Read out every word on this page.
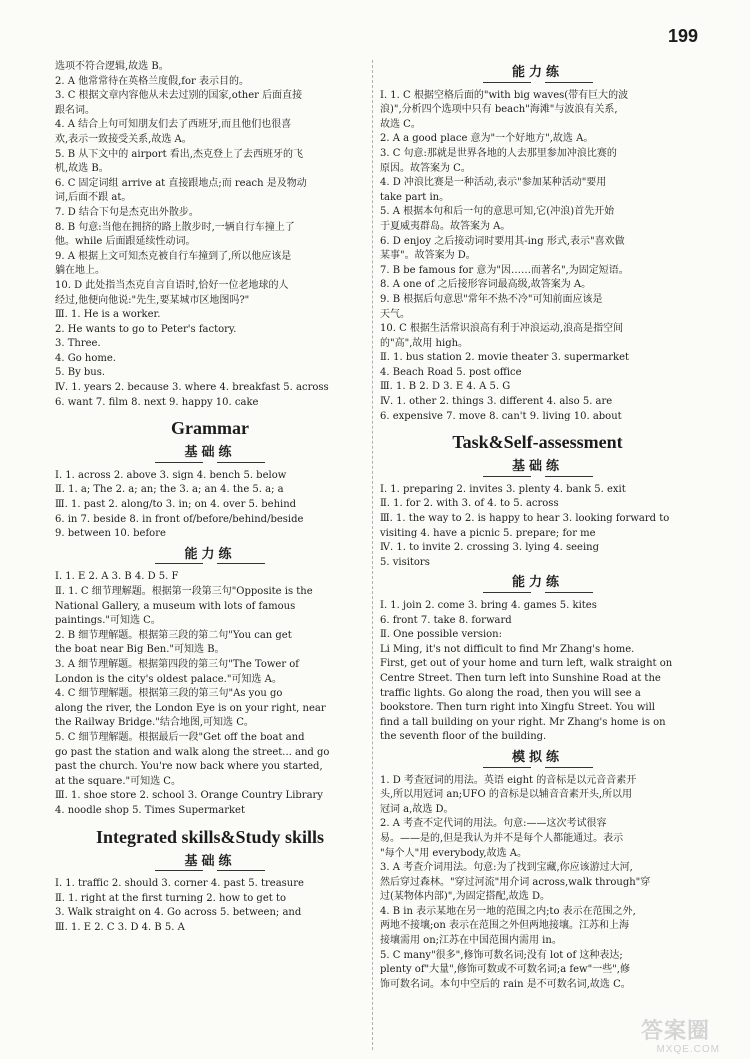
199
选项不符合逻辑,故选 B。
2. A 他常常待在英格兰度假,for 表示目的。
3. C 根据文章内容他从未去过别的国家,other 后面直接
跟名词。
4. A 结合上句可知朋友们去了西班牙,而且他们也很喜
欢,表示一致接受关系,故选 A。
5. B 从下文中的 airport 看出,杰克登上了去西班牙的飞
机,故选 B。
6. C 固定词组 arrive at 直接跟地点;而 reach 是及物动
词,后面不跟 at。
7. D 结合下句是杰克出外散步。
8. B 句意:当他在拥挤的路上散步时,一辆自行车撞上了
他。while 后面跟延续性动词。
9. A 根据上文可知杰克被自行车撞到了,所以他应该是
躺在地上。
10. D 此处指当杰克自言自语时,恰好一位老地球的人
经过,他便向他说:"先生,要某城市区地图吗?"
Ⅲ. 1. He is a worker.
2. He wants to go to Peter's factory.
3. Three.
4. Go home.
5. By bus.
Ⅳ. 1. years 2. because 3. where 4. breakfast 5. across
6. want 7. film 8. next 9. happy 10. cake
Grammar
基础练
Ⅰ. 1. across 2. above 3. sign 4. bench 5. below
Ⅱ. 1. a; The 2. a; an; the 3. a; an 4. the 5. a; a
Ⅲ. 1. past 2. along/to 3. in; on 4. over 5. behind
6. in 7. beside 8. in front of/before/behind/beside
9. between 10. before
能力练
Ⅰ. 1. E 2. A 3. B 4. D 5. F
Ⅱ. 1. C 细节理解题。根据第一段第三句"Opposite is the
National Gallery, a museum with lots of famous
paintings."可知选 C。
2. B 细节理解题。根据第三段的第二句"You can get
the boat near Big Ben."可知选 B。
3. A 细节理解题。根据第四段的第三句"The Tower of
London is the city's oldest palace."可知选 A。
4. C 细节理解题。根据第三段的第三句"As you go
along the river, the London Eye is on your right, near
the Railway Bridge."结合地图,可知选 C。
5. C 细节理解题。根据最后一段"Get off the boat and
go past the station and walk along the street... and go
past the church. You're now back where you started,
at the square."可知选 C。
Ⅲ. 1. shoe store 2. school 3. Orange Country Library
4. noodle shop 5. Times Supermarket
Integrated skills&Study skills
基础练
Ⅰ. 1. traffic 2. should 3. corner 4. past 5. treasure
Ⅱ. 1. right at the first turning 2. how to get to
3. Walk straight on 4. Go across 5. between; and
Ⅲ. 1. E 2. C 3. D 4. B 5. A
能力练
Ⅰ. 1. C 根据空格后面的"with big waves(带有巨大的波
浪)",分析四个选项中只有 beach"海滩"与波浪有关系,
故选 C。
2. A a good place 意为"一个好地方",故选 A。
3. C 句意:那就是世界各地的人去那里参加冲浪比赛的
原因。故答案为 C。
4. D 冲浪比赛是一种活动,表示"参加某种活动"要用
take part in。
5. A 根据本句和后一句的意思可知,它(冲浪)首先开始
于夏威夷群岛。故答案为 A。
6. D enjoy 之后接动词时要用其-ing 形式,表示"喜欢做
某事"。故答案为 D。
7. B be famous for 意为"因……而著名",为固定短语。
8. A one of 之后接形容词最高级,故答案为 A。
9. B 根据后句意思"常年不热不冷"可知前面应该是
天气。
10. C 根据生活常识浪高有利于冲浪运动,浪高是指空间
的"高",故用 high。
Ⅱ. 1. bus station 2. movie theater 3. supermarket
4. Beach Road 5. post office
Ⅲ. 1. B 2. D 3. E 4. A 5. G
Ⅳ. 1. other 2. things 3. different 4. also 5. are
6. expensive 7. move 8. can't 9. living 10. about
Task&Self-assessment
基础练
Ⅰ. 1. preparing 2. invites 3. plenty 4. bank 5. exit
Ⅱ. 1. for 2. with 3. of 4. to 5. across
Ⅲ. 1. the way to 2. is happy to hear 3. looking forward to
visiting 4. have a picnic 5. prepare; for me
Ⅳ. 1. to invite 2. crossing 3. lying 4. seeing
5. visitors
能力练
Ⅰ. 1. join 2. come 3. bring 4. games 5. kites
6. front 7. take 8. forward
Ⅱ. One possible version:
Li Ming, it's not difficult to find Mr Zhang's home.
First, get out of your home and turn left, walk straight on
Centre Street. Then turn left into Sunshine Road at the
traffic lights. Go along the road, then you will see a
bookstore. Then turn right into Xingfu Street. You will
find a tall building on your right. Mr Zhang's home is on
the seventh floor of the building.
模拟练
1. D 考查冠词的用法。英语 eight 的音标是以元音音素开
头,所以用冠词 an;UFO 的音标是以辅音音素开头,所以用
冠词 a,故选 D。
2. A 考查不定代词的用法。句意:——这次考试很容
易。——是的,但是我认为并不是每个人都能通过。表示
"每个人"用 everybody,故选 A。
3. A 考查介词用法。句意:为了找到宝藏,你应该游过大河,
然后穿过森林。"穿过河流"用介词 across,walk through"穿
过(某物体内部)",为固定搭配,故选 D。
4. B in 表示某地在另一地的范围之内;to 表示在范围之外,
两地不接壤;on 表示在范围之外但两地接壤。江苏和上海
接壤需用 on;江苏在中国范围内需用 in。
5. C many"很多",修饰可数名词;没有 lot of 这种表达;
plenty of"大量",修饰可数或不可数名词;a few"一些",修
饰可数名词。本句中空后的 rain 是不可数名词,故选 C。
答案圈
MXQE.COM
